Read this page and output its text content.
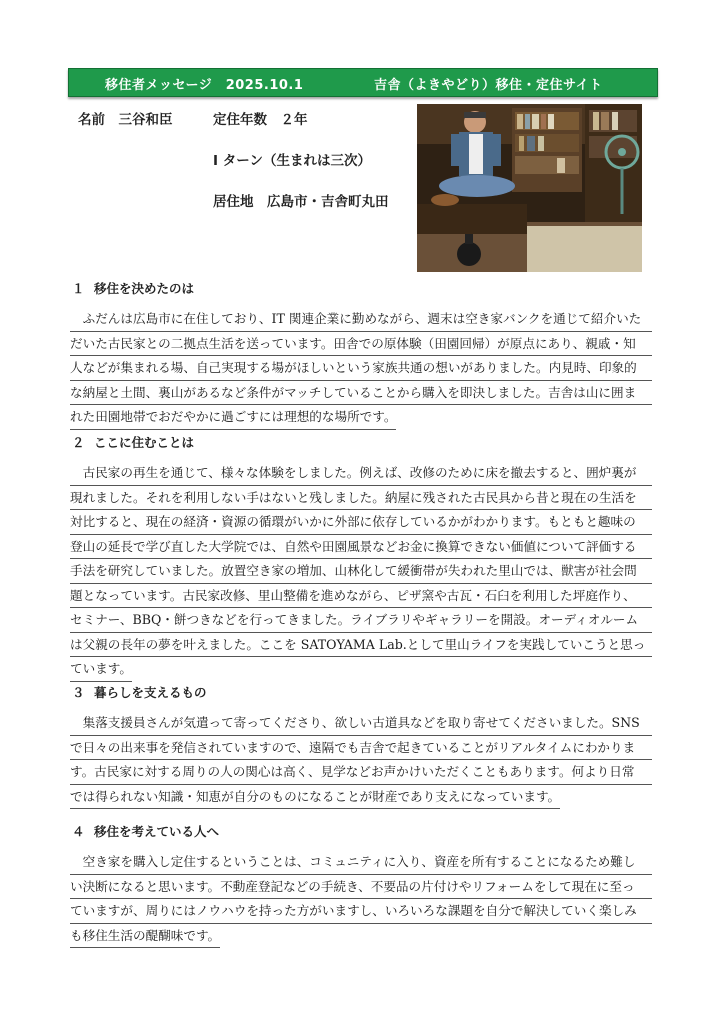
移住者メッセージ　2025.10.1	吉舎（よきやどり）移住・定住サイト
名前　三谷和臣	定住年数　２年
I ターン（生まれは三次）
居住地　広島市・吉舎町丸田
１ 移住を決めたのは
　ふだんは広島市に在住しており、IT 関連企業に勤めながら、週末は空き家バンクを通じて紹介いた
だいた古民家との二拠点生活を送っています。田舎での原体験（田園回帰）が原点にあり、親戚・知
人などが集まれる場、自己実現する場がほしいという家族共通の想いがありました。内見時、印象的
な納屋と土間、裏山があるなど条件がマッチしていることから購入を即決しました。吉舎は山に囲ま
れた田園地帯でおだやかに過ごすには理想的な場所です。
２ ここに住むことは
　古民家の再生を通じて、様々な体験をしました。例えば、改修のために床を撤去すると、囲炉裏が
現れました。それを利用しない手はないと残しました。納屋に残された古民具から昔と現在の生活を
対比すると、現在の経済・資源の循環がいかに外部に依存しているかがわかります。もともと趣味の
登山の延長で学び直した大学院では、自然や田園風景などお金に換算できない価値について評価する
手法を研究していました。放置空き家の増加、山林化して緩衝帯が失われた里山では、獣害が社会問
題となっています。古民家改修、里山整備を進めながら、ピザ窯や古瓦・石臼を利用した坪庭作り、
セミナー、BBQ・餅つきなどを行ってきました。ライブラリやギャラリーを開設。オーディオルーム
は父親の長年の夢を叶えました。ここを SATOYAMA Lab.として里山ライフを実践していこうと思っ
ています。
３ 暮らしを支えるもの
　集落支援員さんが気遣って寄ってくださり、欲しい古道具などを取り寄せてくださいました。SNS
で日々の出来事を発信されていますので、遠隔でも吉舎で起きていることがリアルタイムにわかりま
す。古民家に対する周りの人の関心は高く、見学などお声かけいただくこともあります。何より日常
では得られない知識・知恵が自分のものになることが財産であり支えになっています。
４ 移住を考えている人へ
　空き家を購入し定住するということは、コミュニティに入り、資産を所有することになるため難し
い決断になると思います。不動産登記などの手続き、不要品の片付けやリフォームをして現在に至っ
ていますが、周りにはノウハウを持った方がいますし、いろいろな課題を自分で解決していく楽しみ
も移住生活の醍醐味です。
